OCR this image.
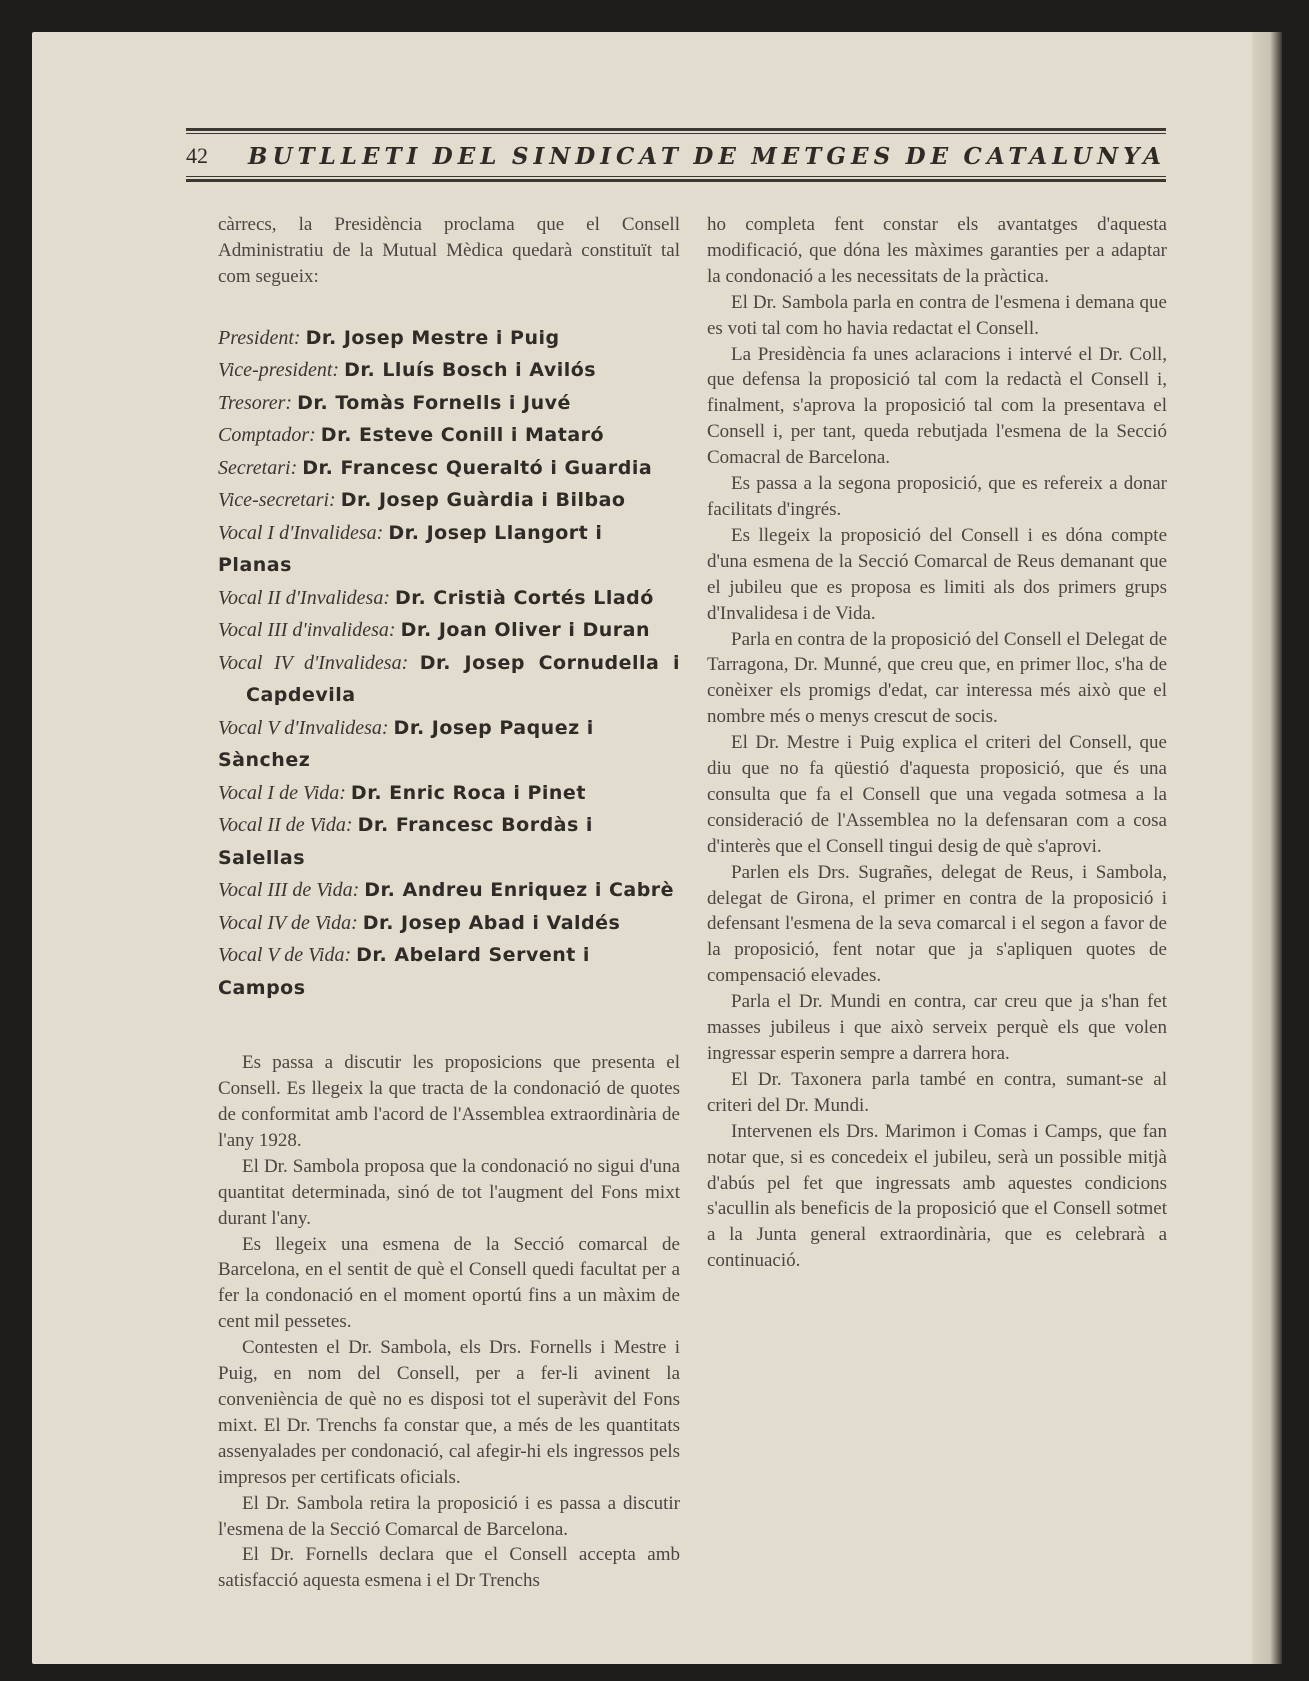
42 BUTLLETI DEL SINDICAT DE METGES DE CATALUNYA

càrrecs, la Presidència proclama que el Consell Administratiu de la Mutual Mèdica quedarà constituït tal com segueix:

President: Dr. Josep Mestre i Puig
Vice-president: Dr. Lluís Bosch i Avilós
Tresorer: Dr. Tomàs Fornells i Juvé
Comptador: Dr. Esteve Conill i Mataró
Secretari: Dr. Francesc Queraltó i Guardia
Vice-secretari: Dr. Josep Guàrdia i Bilbao
Vocal I d'Invalidesa: Dr. Josep Llangort i Planas
Vocal II d'Invalidesa: Dr. Cristià Cortés Lladó
Vocal III d'invalidesa: Dr. Joan Oliver i Duran
Vocal IV d'Invalidesa: Dr. Josep Cornudella i Capdevila
Vocal V d'Invalidesa: Dr. Josep Paquez i Sànchez
Vocal I de Vida: Dr. Enric Roca i Pinet
Vocal II de Vida: Dr. Francesc Bordàs i Salellas
Vocal III de Vida: Dr. Andreu Enriquez i Cabrè
Vocal IV de Vida: Dr. Josep Abad i Valdés
Vocal V de Vida: Dr. Abelard Servent i Campos

Es passa a discutir les proposicions que presenta el Consell. Es llegeix la que tracta de la condonació de quotes de conformitat amb l'acord de l'Assemblea extraordinària de l'any 1928.

El Dr. Sambola proposa que la condonació no sigui d'una quantitat determinada, sinó de tot l'augment del Fons mixt durant l'any.

Es llegeix una esmena de la Secció comarcal de Barcelona, en el sentit de què el Consell quedi facultat per a fer la condonació en el moment oportú fins a un màxim de cent mil pessetes.

Contesten el Dr. Sambola, els Drs. Fornells i Mestre i Puig, en nom del Consell, per a fer-li avinent la conveniència de què no es disposi tot el superàvit del Fons mixt. El Dr. Trenchs fa constar que, a més de les quantitats assenyalades per condonació, cal afegir-hi els ingressos pels impresos per certificats oficials.

El Dr. Sambola retira la proposició i es passa a discutir l'esmena de la Secció Comarcal de Barcelona.

El Dr. Fornells declara que el Consell accepta amb satisfacció aquesta esmena i el Dr Trenchs

ho completa fent constar els avantatges d'aquesta modificació, que dóna les màximes garanties per a adaptar la condonació a les necessitats de la pràctica.

El Dr. Sambola parla en contra de l'esmena i demana que es voti tal com ho havia redactat el Consell.

La Presidència fa unes aclaracions i intervé el Dr. Coll, que defensa la proposició tal com la redactà el Consell i, finalment, s'aprova la proposició tal com la presentava el Consell i, per tant, queda rebutjada l'esmena de la Secció Comacral de Barcelona.

Es passa a la segona proposició, que es refereix a donar facilitats d'ingrés.

Es llegeix la proposició del Consell i es dóna compte d'una esmena de la Secció Comarcal de Reus demanant que el jubileu que es proposa es limiti als dos primers grups d'Invalidesa i de Vida.

Parla en contra de la proposició del Consell el Delegat de Tarragona, Dr. Munné, que creu que, en primer lloc, s'ha de conèixer els promigs d'edat, car interessa més això que el nombre més o menys crescut de socis.

El Dr. Mestre i Puig explica el criteri del Consell, que diu que no fa qüestió d'aquesta proposició, que és una consulta que fa el Consell que una vegada sotmesa a la consideració de l'Assemblea no la defensaran com a cosa d'interès que el Consell tingui desig de què s'aprovi.

Parlen els Drs. Sugrañes, delegat de Reus, i Sambola, delegat de Girona, el primer en contra de la proposició i defensant l'esmena de la seva comarcal i el segon a favor de la proposició, fent notar que ja s'apliquen quotes de compensació elevades.

Parla el Dr. Mundi en contra, car creu que ja s'han fet masses jubileus i que això serveix perquè els que volen ingressar esperin sempre a darrera hora.

El Dr. Taxonera parla també en contra, sumant-se al criteri del Dr. Mundi.

Intervenen els Drs. Marimon i Comas i Camps, que fan notar que, si es concedeix el jubileu, serà un possible mitjà d'abús pel fet que ingressats amb aquestes condicions s'acullin als beneficis de la proposició que el Consell sotmet a la Junta general extraordinària, que es celebrarà a continuació.
